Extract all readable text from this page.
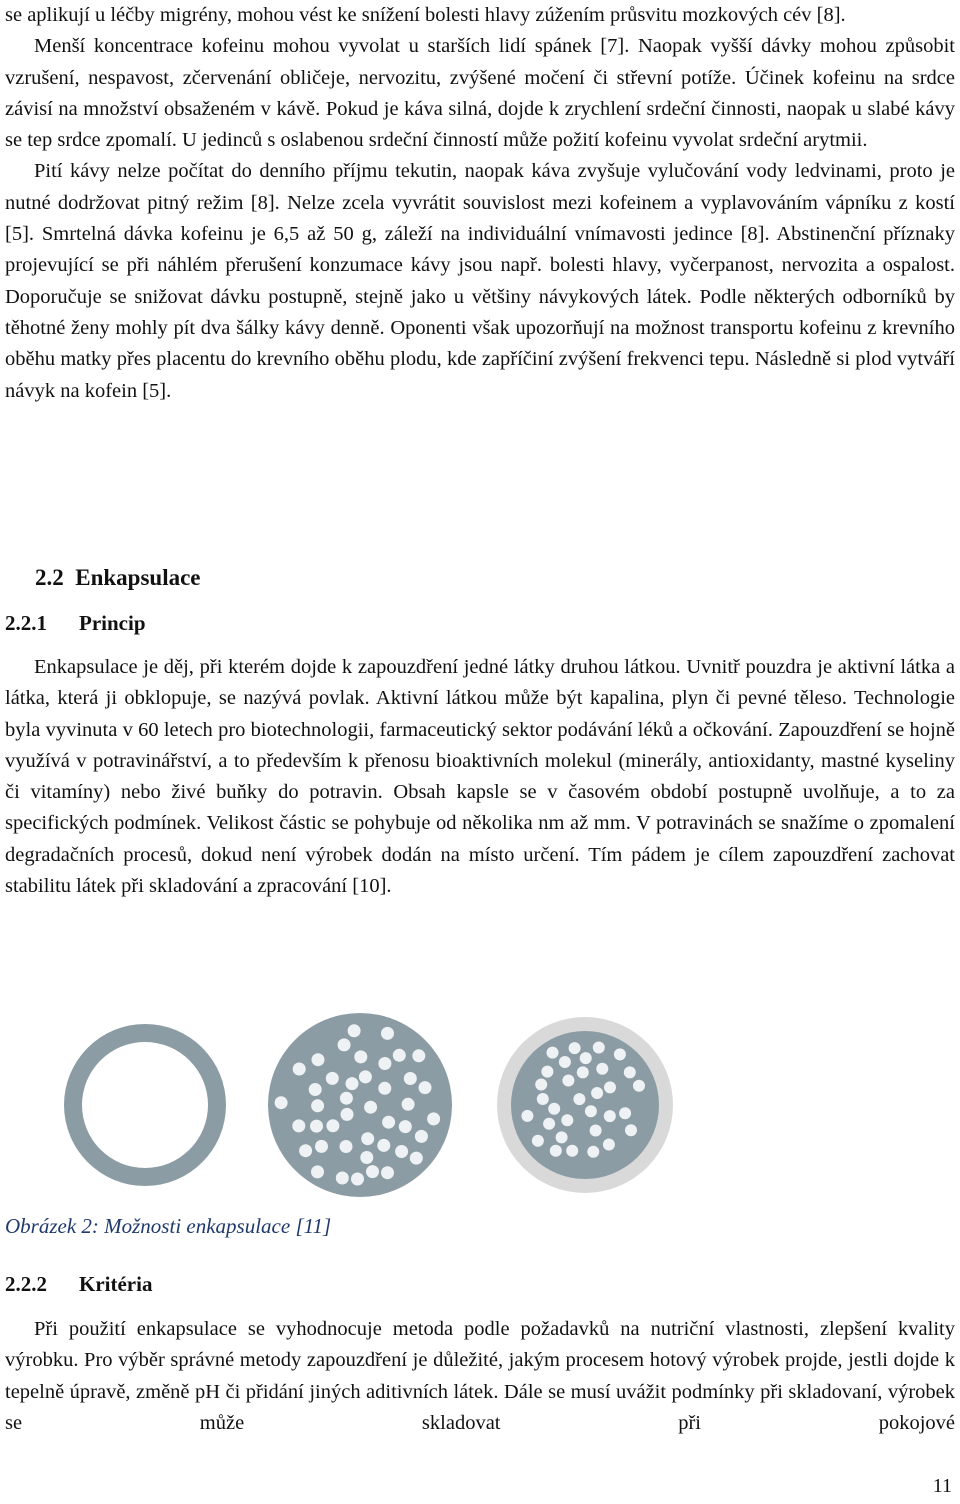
se aplikují u léčby migrény, mohou vést ke snížení bolesti hlavy zúžením průsvitu mozkových cév [8].

Menší koncentrace kofeinu mohou vyvolat u starších lidí spánek [7]. Naopak vyšší dávky mohou způsobit vzrušení, nespavost, zčervenání obličeje, nervozitu, zvýšené močení či střevní potíže. Účinek kofeinu na srdce závisí na množství obsaženém v kávě. Pokud je káva silná, dojde k zrychlení srdeční činnosti, naopak u slabé kávy se tep srdce zpomalí. U jedinců s oslabenou srdeční činností může požití kofeinu vyvolat srdeční arytmii.

Pití kávy nelze počítat do denního příjmu tekutin, naopak káva zvyšuje vylučování vody ledvinami, proto je nutné dodržovat pitný režim [8]. Nelze zcela vyvrátit souvislost mezi kofeinem a vyplavováním vápníku z kostí [5]. Smrtelná dávka kofeinu je 6,5 až 50 g, záleží na individuální vnímavosti jedince [8]. Abstinenční příznaky projevující se při náhlém přerušení konzumace kávy jsou např. bolesti hlavy, vyčerpanost, nervozita a ospalost. Doporučuje se snižovat dávku postupně, stejně jako u většiny návykových látek. Podle některých odborníků by těhotné ženy mohly pít dva šálky kávy denně. Oponenti však upozorňují na možnost transportu kofeinu z krevního oběhu matky přes placentu do krevního oběhu plodu, kde zapříčiní zvýšení frekvenci tepu. Následně si plod vytváří návyk na kofein [5].

2.2 Enkapsulace
2.2.1 Princip

Enkapsulace je děj, při kterém dojde k zapouzdření jedné látky druhou látkou. Uvnitř pouzdra je aktivní látka a látka, která ji obklopuje, se nazývá povlak. Aktivní látkou může být kapalina, plyn či pevné těleso. Technologie byla vyvinuta v 60 letech pro biotechnologii, farmaceutický sektor podávání léků a očkování. Zapouzdření se hojně využívá v potravinářství, a to především k přenosu bioaktivních molekul (minerály, antioxidanty, mastné kyseliny či vitamíny) nebo živé buňky do potravin. Obsah kapsle se v časovém období postupně uvolňuje, a to za specifických podmínek. Velikost částic se pohybuje od několika nm až mm. V potravinách se snažíme o zpomalení degradačních procesů, dokud není výrobek dodán na místo určení. Tím pádem je cílem zapouzdření zachovat stabilitu látek při skladování a zpracování [10].

Obrázek 2: Možnosti enkapsulace [11]

2.2.2 Kritéria

Při použití enkapsulace se vyhodnocuje metoda podle požadavků na nutriční vlastnosti, zlepšení kvality výrobku. Pro výběr správné metody zapouzdření je důležité, jakým procesem hotový výrobek projde, jestli dojde k tepelně úpravě, změně pH či přidání jiných aditivních látek. Dále se musí uvážit podmínky při skladovaní, výrobek se může skladovat při pokojové

11
